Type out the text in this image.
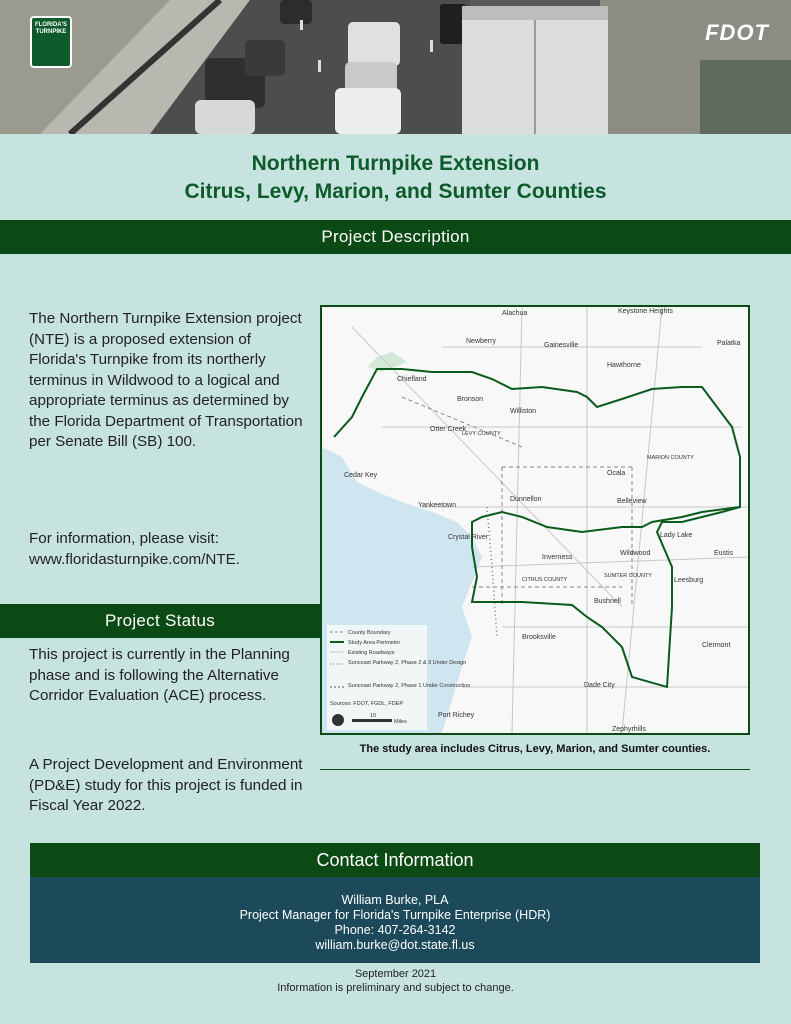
FLORIDA'S TURNPIKE	FDOT
Northern Turnpike Extension
Citrus, Levy, Marion, and Sumter Counties
Project Description
The Northern Turnpike Extension project (NTE) is a proposed extension of Florida's Turnpike from its northerly terminus in Wildwood to a logical and appropriate terminus as determined by the Florida Department of Transportation per Senate Bill (SB) 100.
For information, please visit:
www.floridasturnpike.com/NTE.
Project Status
This project is currently in the Planning phase and is following the Alternative Corridor Evaluation (ACE) process.
A Project Development and Environment (PD&E) study for this project is funded in Fiscal Year 2022.
Alachua	Keystone Heights
Newberry
Gainesville	Palatka
Hawthorne
Chiefland
Bronson
Williston
Otter Creek
LEVY COUNTY
MARION COUNTY
Cedar Key	Ocala
Dunnellon	Belleview
Yankeetown
Crystal River
Inverness
Wildwood
Lady Lake
Eustis
CITRUS COUNTY
SUMTER COUNTY
Leesburg
Bushnell
Brooksville
Clermont
Dade City
Port Richey
Zephyrhills
County Boundary
Study Area Perimeter
Existing Roadways
Suncoast Parkway 2, Phase 2 & 3 Under Design
Suncoast Parkway 2, Phase 1 Under Construction
Sources: FDOT, FGDL, FDEP
10
Miles
The study area includes Citrus, Levy, Marion, and Sumter counties.
Contact Information
William Burke, PLA
Project Manager for Florida's Turnpike Enterprise (HDR)
Phone: 407-264-3142
william.burke@dot.state.fl.us
September 2021
Information is preliminary and subject to change.
